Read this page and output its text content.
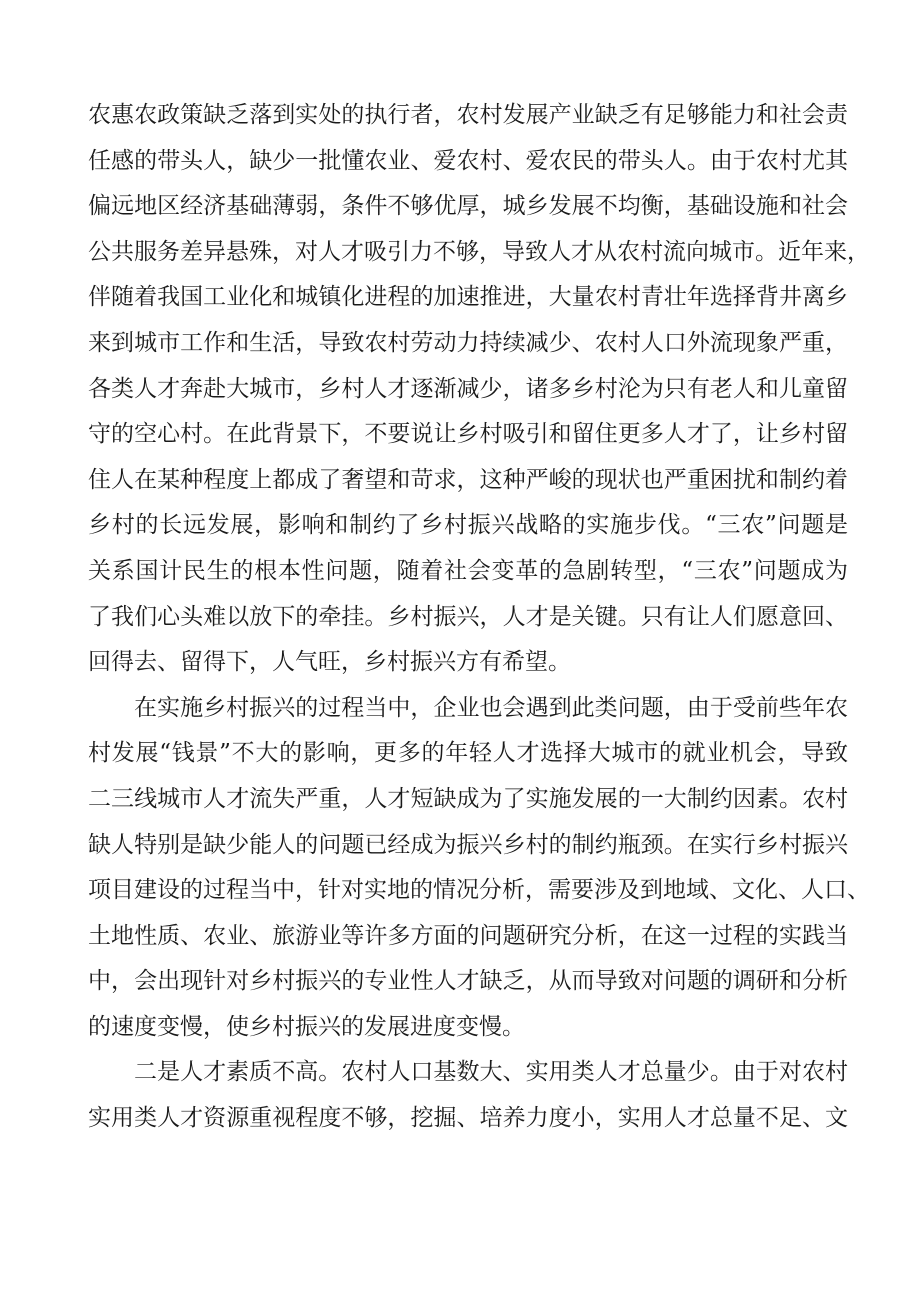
农惠农政策缺乏落到实处的执行者，农村发展产业缺乏有足够能力和社会责
任感的带头人，缺少一批懂农业、爱农村、爱农民的带头人。由于农村尤其
偏远地区经济基础薄弱，条件不够优厚，城乡发展不均衡，基础设施和社会
公共服务差异悬殊，对人才吸引力不够，导致人才从农村流向城市。近年来，
伴随着我国工业化和城镇化进程的加速推进，大量农村青壮年选择背井离乡
来到城市工作和生活，导致农村劳动力持续减少、农村人口外流现象严重，
各类人才奔赴大城市，乡村人才逐渐减少，诸多乡村沦为只有老人和儿童留
守的空心村。在此背景下，不要说让乡村吸引和留住更多人才了，让乡村留
住人在某种程度上都成了奢望和苛求，这种严峻的现状也严重困扰和制约着
乡村的长远发展，影响和制约了乡村振兴战略的实施步伐。“三农”问题是
关系国计民生的根本性问题，随着社会变革的急剧转型，“三农”问题成为
了我们心头难以放下的牵挂。乡村振兴，人才是关键。只有让人们愿意回、
回得去、留得下，人气旺，乡村振兴方有希望。
在实施乡村振兴的过程当中，企业也会遇到此类问题，由于受前些年农
村发展“钱景”不大的影响，更多的年轻人才选择大城市的就业机会，导致
二三线城市人才流失严重，人才短缺成为了实施发展的一大制约因素。农村
缺人特别是缺少能人的问题已经成为振兴乡村的制约瓶颈。在实行乡村振兴
项目建设的过程当中，针对实地的情况分析，需要涉及到地域、文化、人口、
土地性质、农业、旅游业等许多方面的问题研究分析，在这一过程的实践当
中，会出现针对乡村振兴的专业性人才缺乏，从而导致对问题的调研和分析
的速度变慢，使乡村振兴的发展进度变慢。
二是人才素质不高。农村人口基数大、实用类人才总量少。由于对农村
实用类人才资源重视程度不够，挖掘、培养力度小，实用人才总量不足、文
